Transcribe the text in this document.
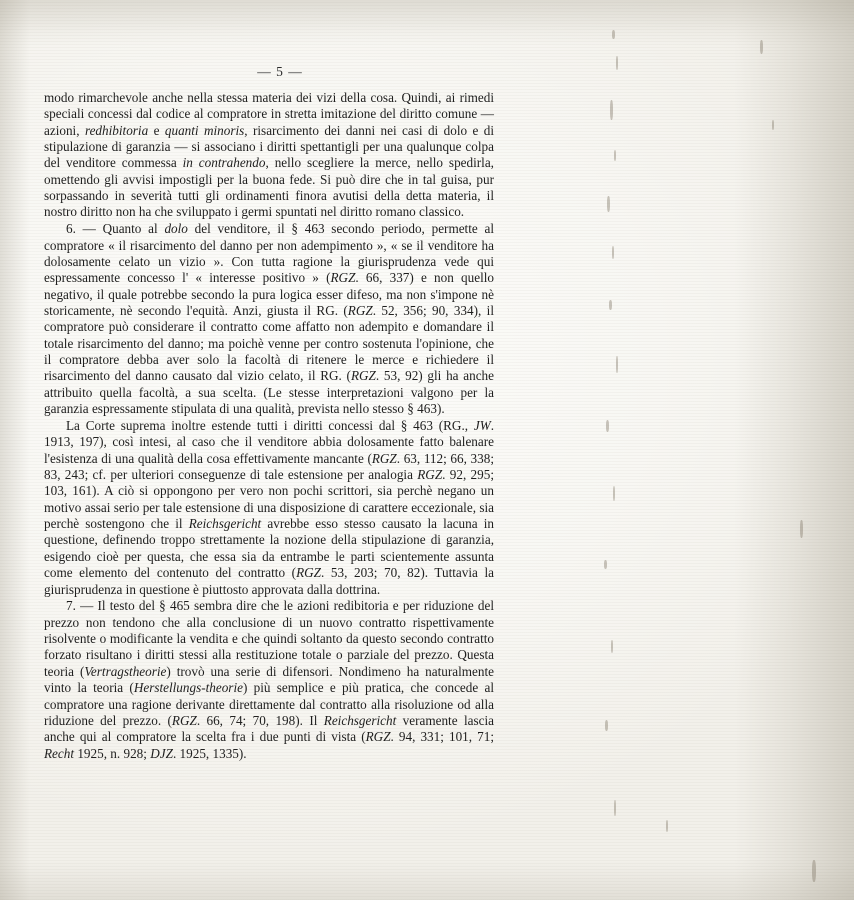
— 5 —

modo rimarchevole anche nella stessa materia dei vizi della cosa. Quindi, ai rimedi speciali concessi dal codice al compratore in stretta imitazione del diritto comune — azioni, redhibitoria e quanti minoris, risarcimento dei danni nei casi di dolo e di stipulazione di garanzia — si associano i diritti spettantigli per una qualunque colpa del venditore commessa in contrahendo, nello scegliere la merce, nello spedirla, omettendo gli avvisi impostigli per la buona fede. Si può dire che in tal guisa, pur sorpassando in severità tutti gli ordinamenti finora avutisi della detta materia, il nostro diritto non ha che sviluppato i germi spuntati nel diritto romano classico.

6. — Quanto al dolo del venditore, il § 463 secondo periodo, permette al compratore « il risarcimento del danno per non adempimento », « se il venditore ha dolosamente celato un vizio ». Con tutta ragione la giurisprudenza vede qui espressamente concesso l' « interesse positivo » (RGZ. 66, 337) e non quello negativo, il quale potrebbe secondo la pura logica esser difeso, ma non s'impone nè storicamente, nè secondo l'equità. Anzi, giusta il RG. (RGZ. 52, 356; 90, 334), il compratore può considerare il contratto come affatto non adempito e domandare il totale risarcimento del danno; ma poichè venne per contro sostenuta l'opinione, che il compratore debba aver solo la facoltà di ritenere le merce e richiedere il risarcimento del danno causato dal vizio celato, il RG. (RGZ. 53, 92) gli ha anche attribuito quella facoltà, a sua scelta. (Le stesse interpretazioni valgono per la garanzia espressamente stipulata di una qualità, prevista nello stesso § 463).

La Corte suprema inoltre estende tutti i diritti concessi dal § 463 (RG., JW. 1913, 197), così intesi, al caso che il venditore abbia dolosamente fatto balenare l'esistenza di una qualità della cosa effettivamente mancante (RGZ. 63, 112; 66, 338; 83, 243; cf. per ulteriori conseguenze di tale estensione per analogia RGZ. 92, 295; 103, 161). A ciò si oppongono per vero non pochi scrittori, sia perchè negano un motivo assai serio per tale estensione di una disposizione di carattere eccezionale, sia perchè sostengono che il Reichsgericht avrebbe esso stesso causato la lacuna in questione, definendo troppo strettamente la nozione della stipulazione di garanzia, esigendo cioè per questa, che essa sia da entrambe le parti scientemente assunta come elemento del contenuto del contratto (RGZ. 53, 203; 70, 82). Tuttavia la giurisprudenza in questione è piuttosto approvata dalla dottrina.

7. — Il testo del § 465 sembra dire che le azioni redibitoria e per riduzione del prezzo non tendono che alla conclusione di un nuovo contratto rispettivamente risolvente o modificante la vendita e che quindi soltanto da questo secondo contratto forzato risultano i diritti stessi alla restituzione totale o parziale del prezzo. Questa teoria (Vertragstheorie) trovò una serie di difensori. Nondimeno ha naturalmente vinto la teoria (Herstellungs-theorie) più semplice e più pratica, che concede al compratore una ragione derivante direttamente dal contratto alla risoluzione od alla riduzione del prezzo. (RGZ. 66, 74; 70, 198). Il Reichsgericht veramente lascia anche qui al compratore la scelta fra i due punti di vista (RGZ. 94, 331; 101, 71; Recht 1925, n. 928; DJZ. 1925, 1335).
